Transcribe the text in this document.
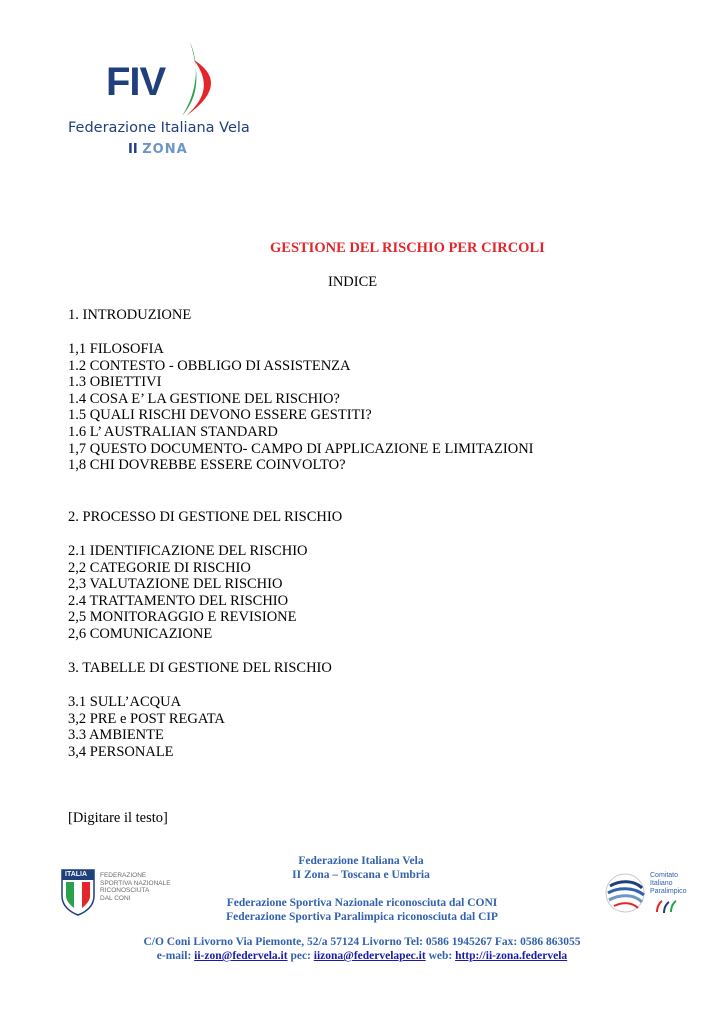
FIV
Federazione Italiana Vela
II ZONA
GESTIONE DEL RISCHIO PER CIRCOLI
INDICE
1. INTRODUZIONE
1,1 FILOSOFIA
1.2 CONTESTO - OBBLIGO DI ASSISTENZA
1.3 OBIETTIVI
1.4 COSA E’ LA GESTIONE DEL RISCHIO?
1.5 QUALI RISCHI DEVONO ESSERE GESTITI?
1.6 L’ AUSTRALIAN STANDARD
1,7 QUESTO DOCUMENTO- CAMPO DI APPLICAZIONE E LIMITAZIONI
1,8 CHI DOVREBBE ESSERE COINVOLTO?
2. PROCESSO DI GESTIONE DEL RISCHIO
2.1 IDENTIFICAZIONE DEL RISCHIO
2,2 CATEGORIE DI RISCHIO
2,3 VALUTAZIONE DEL RISCHIO
2.4 TRATTAMENTO DEL RISCHIO
2,5 MONITORAGGIO E REVISIONE
2,6 COMUNICAZIONE
3. TABELLE DI GESTIONE DEL RISCHIO
3.1 SULL’ACQUA
3,2 PRE e POST REGATA
3.3 AMBIENTE
3,4 PERSONALE
[Digitare il testo]
ITALIA FEDERAZIONE
SPORTIVA NAZIONALE
RICONOSCIUTA
DAL CONI
Comitato
Italiano
Paralimpico
Federazione Italiana Vela
II Zona – Toscana e Umbria
Federazione Sportiva Nazionale riconosciuta dal CONI
Federazione Sportiva Paralimpica riconosciuta dal CIP
C/O Coni Livorno Via Piemonte, 52/a 57124 Livorno Tel: 0586 1945267 Fax: 0586 863055
e-mail: ii-zon@federvela.it pec: iizona@federvelapec.it web: http://ii-zona.federvela
